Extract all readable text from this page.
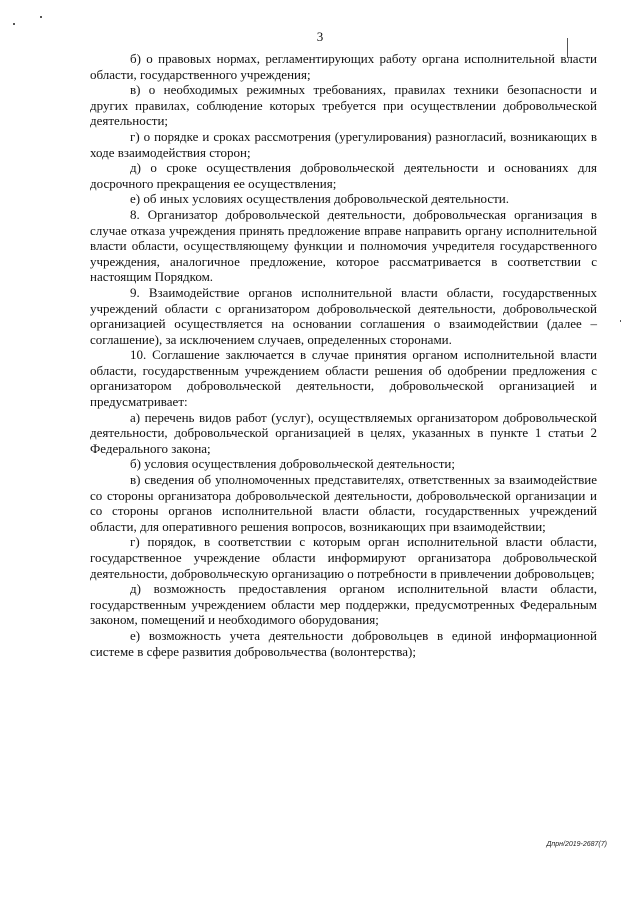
3

б) о правовых нормах, регламентирующих работу органа исполнительной власти области, государственного учреждения;

в) о необходимых режимных требованиях, правилах техники безопасности и других правилах, соблюдение которых требуется при осуществлении добровольческой деятельности;

г) о порядке и сроках рассмотрения (урегулирования) разногласий, возникающих в ходе взаимодействия сторон;

д) о сроке осуществления добровольческой деятельности и основаниях для досрочного прекращения ее осуществления;

е) об иных условиях осуществления добровольческой деятельности.

8. Организатор добровольческой деятельности, добровольческая организация в случае отказа учреждения принять предложение вправе направить органу исполнительной власти области, осуществляющему функции и полномочия учредителя государственного учреждения, аналогичное предложение, которое рассматривается в соответствии с настоящим Порядком.

9. Взаимодействие органов исполнительной власти области, государственных учреждений области с организатором добровольческой деятельности, добровольческой организацией осуществляется на основании соглашения о взаимодействии (далее – соглашение), за исключением случаев, определенных сторонами.

10. Соглашение заключается в случае принятия органом исполнительной власти области, государственным учреждением области решения об одобрении предложения с организатором добровольческой деятельности, добровольческой организацией и предусматривает:

а) перечень видов работ (услуг), осуществляемых организатором добровольческой деятельности, добровольческой организацией в целях, указанных в пункте 1 статьи 2 Федерального закона;

б) условия осуществления добровольческой деятельности;

в) сведения об уполномоченных представителях, ответственных за взаимодействие со стороны организатора добровольческой деятельности, добровольческой организации и со стороны органов исполнительной власти области, государственных учреждений области, для оперативного решения вопросов, возникающих при взаимодействии;

г) порядок, в соответствии с которым орган исполнительной власти области, государственное учреждение области информируют организатора добровольческой деятельности, добровольческую организацию о потребности в привлечении добровольцев;

д) возможность предоставления органом исполнительной власти области, государственным учреждением области мер поддержки, предусмотренных Федеральным законом, помещений и необходимого оборудования;

е) возможность учета деятельности добровольцев в единой информационной системе в сфере развития добровольчества (волонтерства);

Дпрн/2019-2687(7)
